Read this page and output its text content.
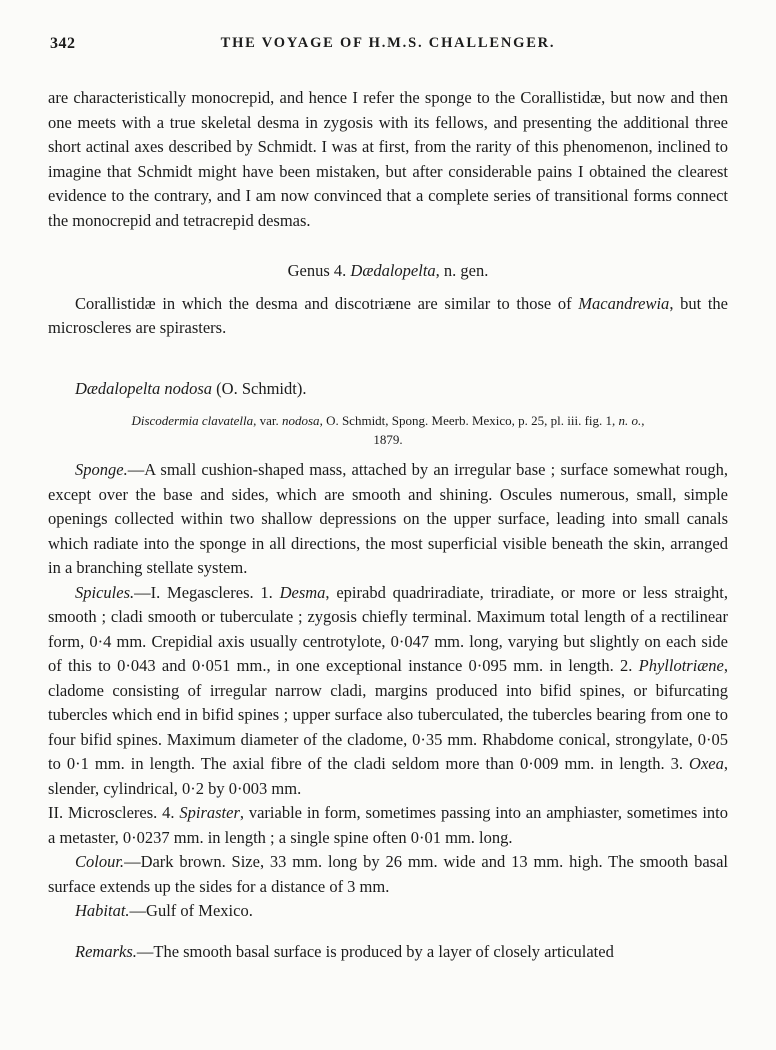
342	THE VOYAGE OF H.M.S. CHALLENGER.

are characteristically monocrepid, and hence I refer the sponge to the Corallistidæ, but now and then one meets with a true skeletal desma in zygosis with its fellows, and presenting the additional three short actinal axes described by Schmidt. I was at first, from the rarity of this phenomenon, inclined to imagine that Schmidt might have been mistaken, but after considerable pains I obtained the clearest evidence to the contrary, and I am now convinced that a complete series of transitional forms connect the monocrepid and tetracrepid desmas.

Genus 4. Dædalopelta, n. gen.

Corallistidæ in which the desma and discotriæne are similar to those of Macandrewia, but the microscleres are spirasters.

Dædalopelta nodosa (O. Schmidt).
Discodermia clavatella, var. nodosa, O. Schmidt, Spong. Meerb. Mexico, p. 25, pl. iii. fig. 1, n. o.,
1879.

Sponge.—A small cushion-shaped mass, attached by an irregular base ; surface somewhat rough, except over the base and sides, which are smooth and shining. Oscules numerous, small, simple openings collected within two shallow depressions on the upper surface, leading into small canals which radiate into the sponge in all directions, the most superficial visible beneath the skin, arranged in a branching stellate system.

Spicules.—I. Megascleres. 1. Desma, epirabd quadriradiate, triradiate, or more or less straight, smooth ; cladi smooth or tuberculate ; zygosis chiefly terminal. Maximum total length of a rectilinear form, 0·4 mm. Crepidial axis usually centrotylote, 0·047 mm. long, varying but slightly on each side of this to 0·043 and 0·051 mm., in one exceptional instance 0·095 mm. in length. 2. Phyllotriæne, cladome consisting of irregular narrow cladi, margins produced into bifid spines, or bifurcating tubercles which end in bifid spines ; upper surface also tuberculated, the tubercles bearing from one to four bifid spines. Maximum diameter of the cladome, 0·35 mm. Rhabdome conical, strongylate, 0·05 to 0·1 mm. in length. The axial fibre of the cladi seldom more than 0·009 mm. in length. 3. Oxea, slender, cylindrical, 0·2 by 0·003 mm.

II. Microscleres. 4. Spiraster, variable in form, sometimes passing into an amphiaster, sometimes into a metaster, 0·0237 mm. in length ; a single spine often 0·01 mm. long.

Colour.—Dark brown. Size, 33 mm. long by 26 mm. wide and 13 mm. high. The smooth basal surface extends up the sides for a distance of 3 mm.

Habitat.—Gulf of Mexico.

Remarks.—The smooth basal surface is produced by a layer of closely articulated
